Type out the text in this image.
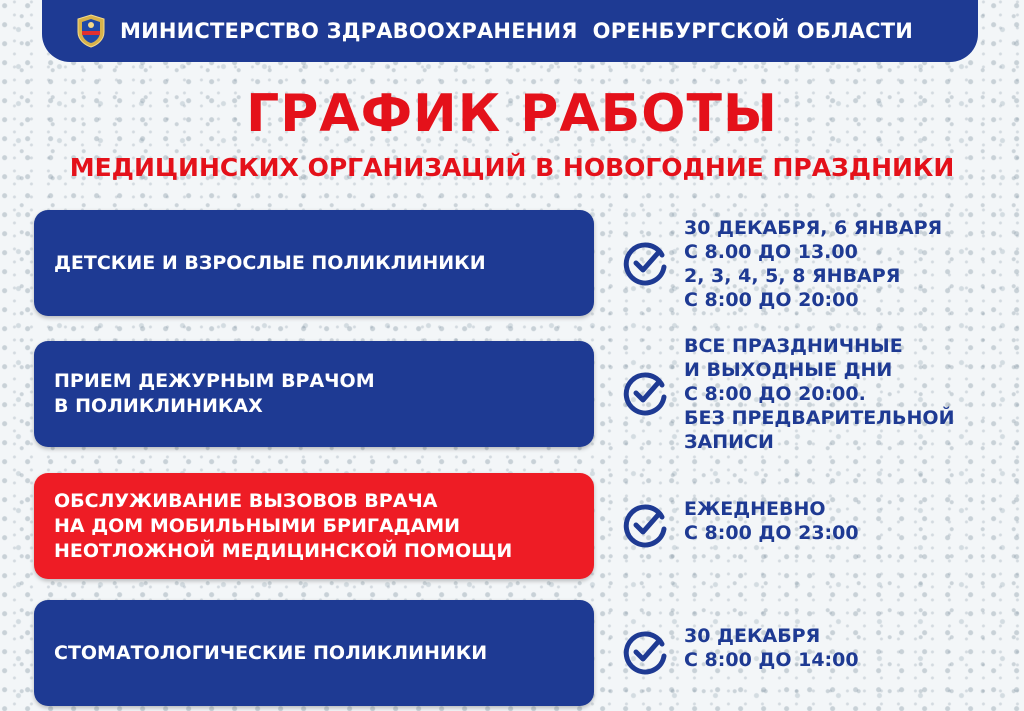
МИНИСТЕРСТВО ЗДРАВООХРАНЕНИЯ  ОРЕНБУРГСКОЙ ОБЛАСТИ
ГРАФИК РАБОТЫ
МЕДИЦИНСКИХ ОРГАНИЗАЦИЙ В НОВОГОДНИЕ ПРАЗДНИКИ
ДЕТСКИЕ И ВЗРОСЛЫЕ ПОЛИКЛИНИКИ
30 ДЕКАБРЯ, 6 ЯНВАРЯ
С 8.00 ДО 13.00
2, 3, 4, 5, 8 ЯНВАРЯ
С 8:00 ДО 20:00
ПРИЕМ ДЕЖУРНЫМ ВРАЧОМ
В ПОЛИКЛИНИКАХ
ВСЕ ПРАЗДНИЧНЫЕ
И ВЫХОДНЫЕ ДНИ
С 8:00 ДО 20:00.
БЕЗ ПРЕДВАРИТЕЛЬНОЙ
ЗАПИСИ
ОБСЛУЖИВАНИЕ ВЫЗОВОВ ВРАЧА
НА ДОМ МОБИЛЬНЫМИ БРИГАДАМИ
НЕОТЛОЖНОЙ МЕДИЦИНСКОЙ ПОМОЩИ
ЕЖЕДНЕВНО
С 8:00 ДО 23:00
СТОМАТОЛОГИЧЕСКИЕ ПОЛИКЛИНИКИ
30 ДЕКАБРЯ
С 8:00 ДО 14:00
